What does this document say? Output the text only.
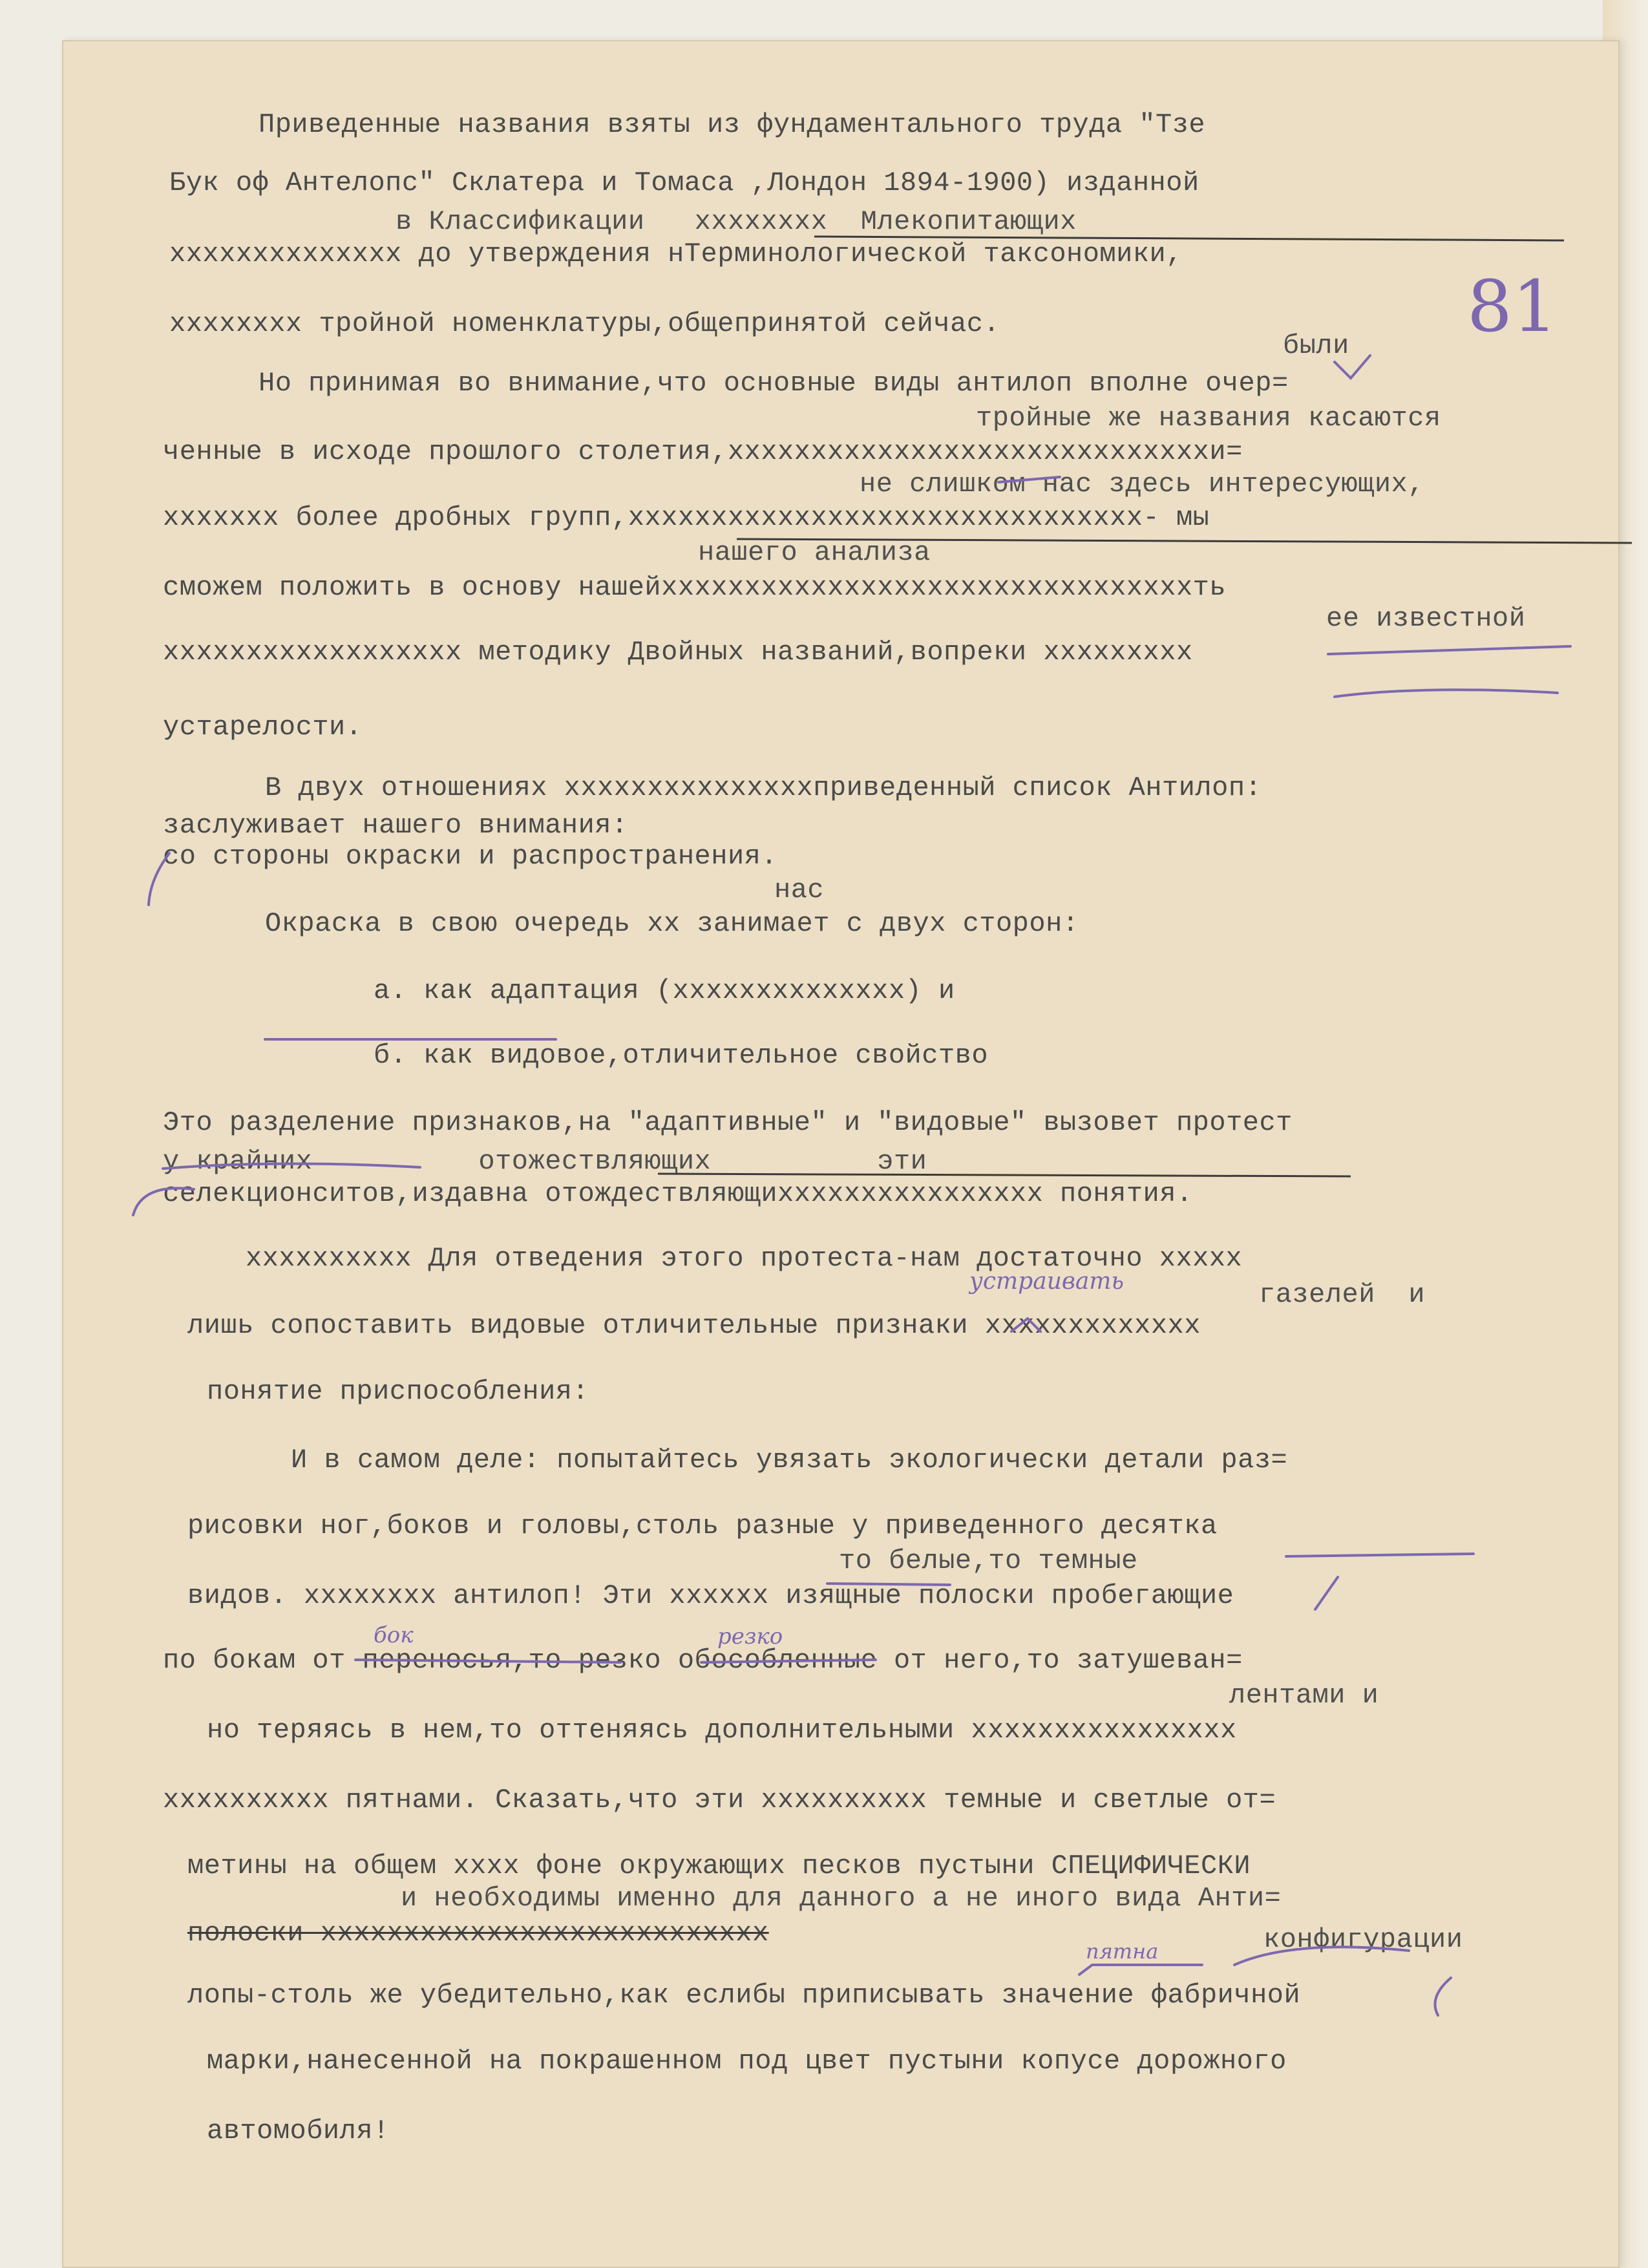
81
Приведенные названия взяты из фундаментального труда "Тзе
Бук оф Антелопс" Склатера и Томаса ,Лондон 1894-1900) изданной
в Классификации   хххххххх  Млекопитающих
хххххххххххххх до утверждения нТерминологической таксономики,
хххххххх тройной номенклатуры,общепринятой сейчас.
были
Но принимая во внимание,что основные виды антилоп вполне очер=
тройные же названия касаются
ченные в исходе прошлого столетия,хххххххххххххххххххххххххххххи=
не слишком нас здесь интересующих,
ххххххх более дробных групп,ххххххххххххххххххххххххххххххх- мы
нашего анализа
сможем положить в основу нашейххххххххххххххххххххххххххххххххть
ее известной
хххххххххххххххххх методику Двойных названий,вопреки ххххххххх
устарелости.
В двух отношениях хххххххххххххххприведенный список Антилоп:
заслуживает нашего внимания:
со стороны окраски и распространения.
нас
Окраска в свою очередь хх занимает с двух сторон:
а. как адаптация (хххххххххххххх) и
б. как видовое,отличительное свойство
Это разделение признаков,на "адаптивные" и "видовые" вызовет протест
у крайних          отожествляющих          эти
селекционситов,издавна отождествляющихххххххххххххххх понятия.
хххххххххх Для отведения этого протеста-нам достаточно ххххх
газелей  и
лишь сопоставить видовые отличительные признаки ххххххххххххх
понятие приспособления:
И в самом деле: попытайтесь увязать экологически детали раз=
рисовки ног,боков и головы,столь разные у приведенного десятка
то белые,то темные
видов. хххххххх антилоп! Эти хххххх изящные полоски пробегающие
по бокам от переносья,то резко обособленные от него,то затушеван=
лентами и
но теряясь в нем,то оттеняясь дополнительными хххххххххххххххх
хххххххххх пятнами. Сказать,что эти хххххххххх темные и светлые от=
метины на общем хххх фоне окружающих песков пустыни СПЕЦИФИЧЕСКИ
и необходимы именно для данного а не иного вида Анти=
полоски ххххххххххххххххххххххххххх	конфигурации
лопы-столь же убедительно,как еслибы приписывать значение фабричной
марки,нанесенной на покрашенном под цвет пустыни копусе дорожного
автомобиля!
устраивать
бок	резко
пятна
